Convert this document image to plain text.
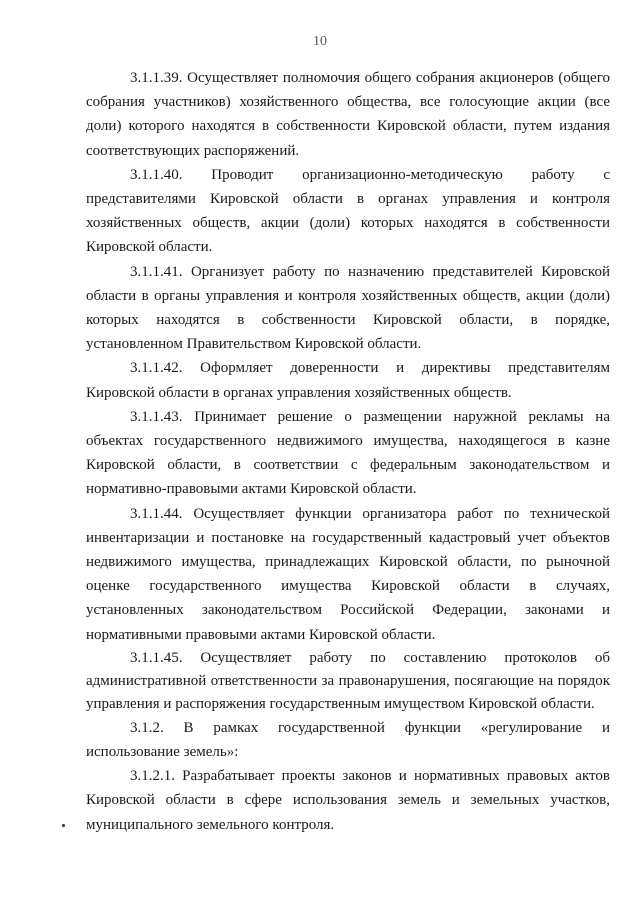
10

3.1.1.39. Осуществляет полномочия общего собрания акционеров (общего собрания участников) хозяйственного общества, все голосующие акции (все доли) которого находятся в собственности Кировской области, путем издания соответствующих распоряжений.

3.1.1.40. Проводит организационно-методическую работу с представителями Кировской области в органах управления и контроля хозяйственных обществ, акции (доли) которых находятся в собственности Кировской области.

3.1.1.41. Организует работу по назначению представителей Кировской области в органы управления и контроля хозяйственных обществ, акции (доли) которых находятся в собственности Кировской области, в порядке, установленном Правительством Кировской области.

3.1.1.42. Оформляет доверенности и директивы представителям Кировской области в органах управления хозяйственных обществ.

3.1.1.43. Принимает решение о размещении наружной рекламы на объектах государственного недвижимого имущества, находящегося в казне Кировской области, в соответствии с федеральным законодательством и нормативно-правовыми актами Кировской области.

3.1.1.44. Осуществляет функции организатора работ по технической инвентаризации и постановке на государственный кадастровый учет объектов недвижимого имущества, принадлежащих Кировской области, по рыночной оценке государственного имущества Кировской области в случаях, установленных законодательством Российской Федерации, законами и нормативными правовыми актами Кировской области.

3.1.1.45. Осуществляет работу по составлению протоколов об административной ответственности за правонарушения, посягающие на порядок управления и распоряжения государственным имуществом Кировской области.

3.1.2. В рамках государственной функции «регулирование и использование земель»:

3.1.2.1. Разрабатывает проекты законов и нормативных правовых актов Кировской области в сфере использования земель и земельных участков, муниципального земельного контроля.
